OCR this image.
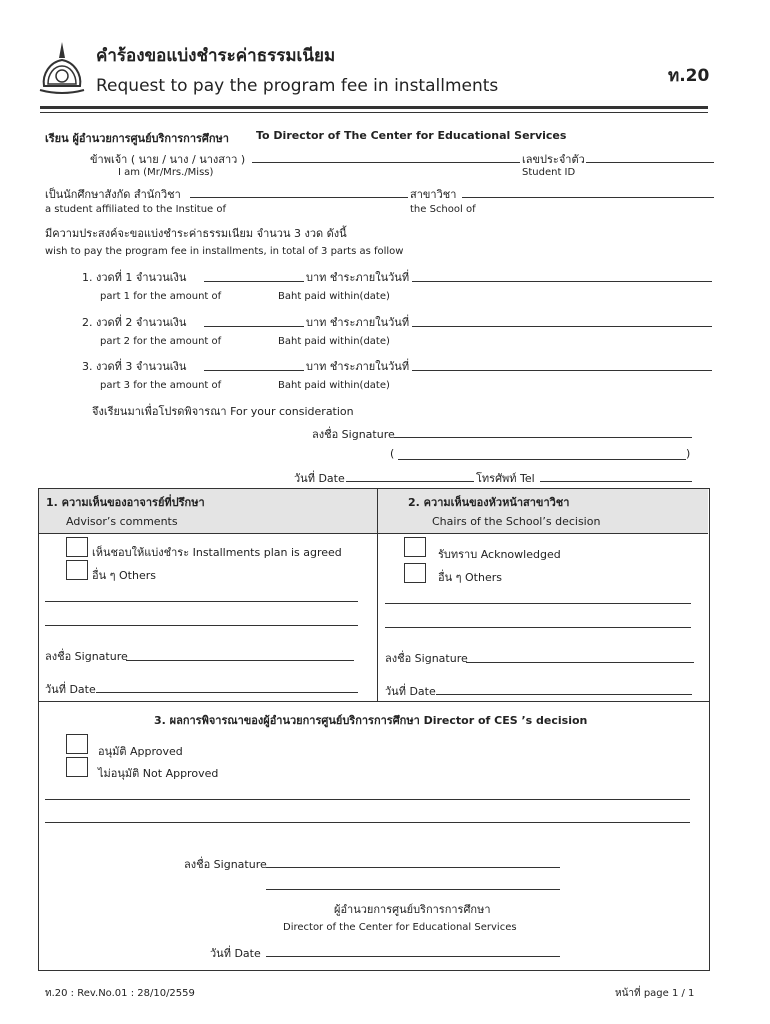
คำร้องขอแบ่งชำระค่าธรรมเนียม
Request to pay the program fee in installments	ท.20
เรียน ผู้อำนวยการศูนย์บริการการศึกษา To Director of The Center for Educational Services
ข้าพเจ้า ( นาย / นาง / นางสาว )	เลขประจำตัว
I am (Mr/Mrs./Miss)	Student ID
เป็นนักศึกษาสังกัด สำนักวิชา	สาขาวิชา
a student affiliated to the Institue of	the School of
มีความประสงค์จะขอแบ่งชำระค่าธรรมเนียม จำนวน 3 งวด ดังนี้
wish to pay the program fee in installments, in total of 3 parts as follow
1. งวดที่ 1 จำนวนเงิน	บาท ชำระภายในวันที่
part 1 for the amount of	Baht paid within(date)
2. งวดที่ 2 จำนวนเงิน	บาท ชำระภายในวันที่
part 2 for the amount of	Baht paid within(date)
3. งวดที่ 3 จำนวนเงิน	บาท ชำระภายในวันที่
part 3 for the amount of	Baht paid within(date)
จึงเรียนมาเพื่อโปรดพิจารณา For your consideration
ลงชื่อ Signature
(	)
วันที่ Date	โทรศัพท์ Tel
1. ความเห็นของอาจารย์ที่ปรึกษา
Advisor’s comments
เห็นชอบให้แบ่งชำระ Installments plan is agreed
อื่น ๆ Others
ลงชื่อ Signature
วันที่ Date
2. ความเห็นของหัวหน้าสาขาวิชา
Chairs of the School’s decision
รับทราบ Acknowledged
อื่น ๆ Others
ลงชื่อ Signature
วันที่ Date
3. ผลการพิจารณาของผู้อำนวยการศูนย์บริการการศึกษา Director of CES ’s decision
อนุมัติ Approved
ไม่อนุมัติ Not Approved
ลงชื่อ Signature
ผู้อำนวยการศูนย์บริการการศึกษา
Director of the Center for Educational Services
วันที่ Date
ท.20 : Rev.No.01 : 28/10/2559	หน้าที่ page 1 / 1
